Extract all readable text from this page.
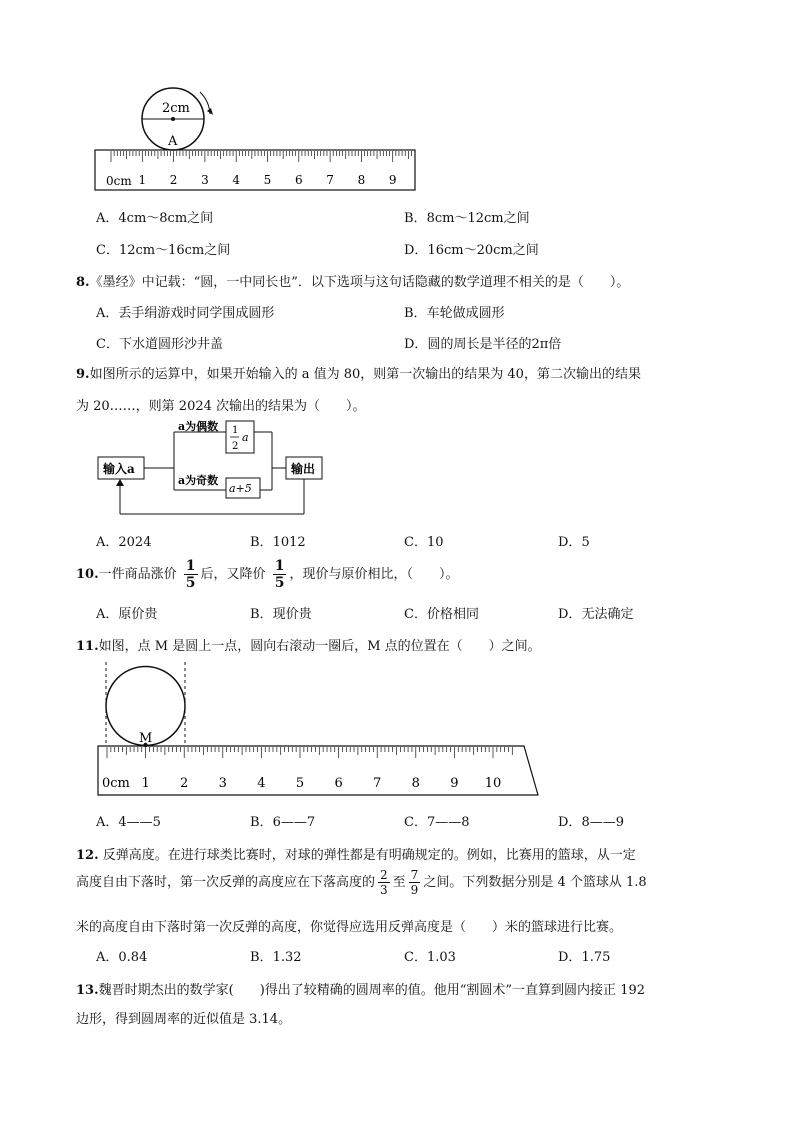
2cm
A
0cm 1 2 3 4 5 6 7 8 9
A．4cm～8cm之间	B．8cm～12cm之间
C．12cm～16cm之间	D．16cm～20cm之间
8.《墨经》中记载：“圆，一中同长也”．以下选项与这句话隐藏的数学道理不相关的是（　　）。
A．丢手绢游戏时同学围成圆形	B．车轮做成圆形
C．下水道圆形沙井盖	D．圆的周长是半径的2π倍
9.如图所示的运算中，如果开始输入的 a 值为 80，则第一次输出的结果为 40，第二次输出的结果
为 20……，则第 2024 次输出的结果为（　　）。
输入a	输出
1
2
a
a+5
a为偶数
a为奇数
A．2024	B．1012	C．10	D．5
10.一件商品涨价 $\frac{1}{5}$ 后，又降价 $\frac{1}{5}$ ，现价与原价相比，（　　）。
A．原价贵	B．现价贵	C．价格相同	D．无法确定
11.如图，点 M 是圆上一点，圆向右滚动一圈后，M 点的位置在（　　）之间。
M
0cm 1 2 3 4 5 6 7 8 9 10
A．4——5	B．6——7	C．7——8	D．8——9
12. 反弹高度。在进行球类比赛时，对球的弹性都是有明确规定的。例如，比赛用的篮球，从一定
高度自由下落时，第一次反弹的高度应在下落高度的 $\frac{2}{3}$ 至 $\frac{7}{9}$ 之间。下列数据分别是 4 个篮球从 1.8
米的高度自由下落时第一次反弹的高度，你觉得应选用反弹高度是（　　）米的篮球进行比赛。
A．0.84	B．1.32	C．1.03	D．1.75
13.魏晋时期杰出的数学家(　　)得出了较精确的圆周率的值。他用“割圆术”一直算到圆内接正 192
边形，得到圆周率的近似值是 3.14。
